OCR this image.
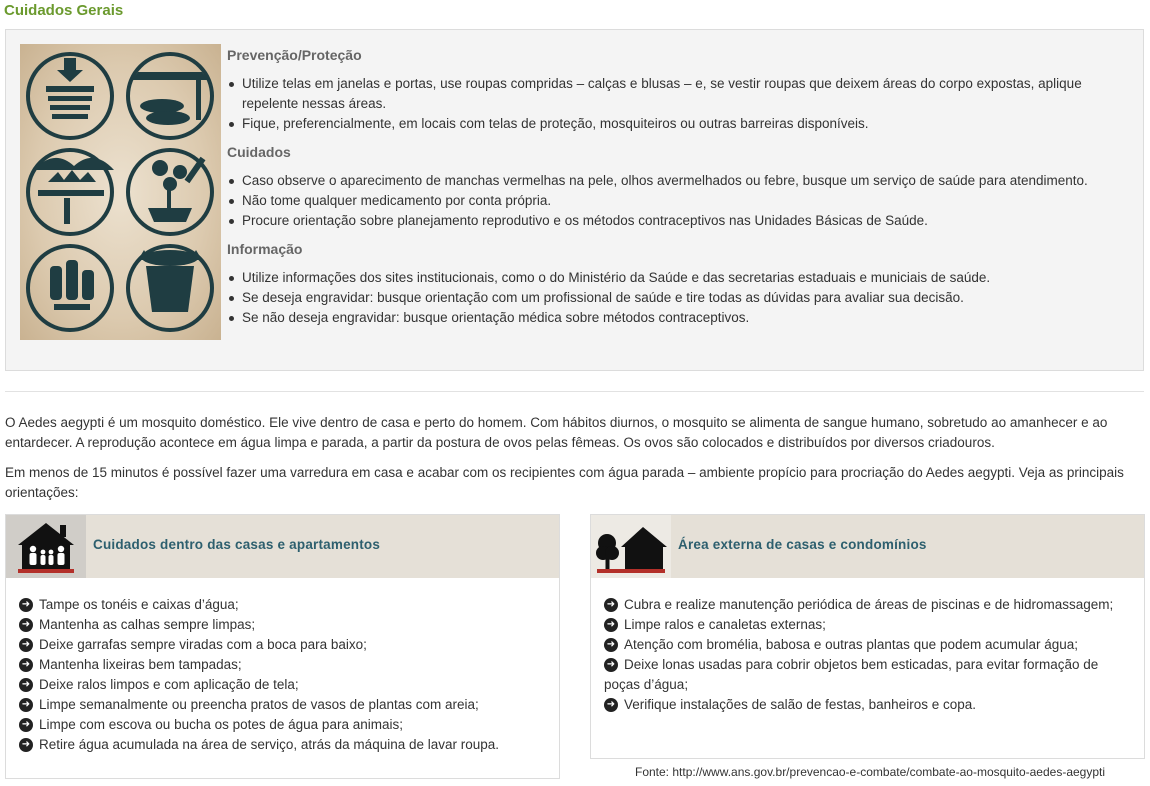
Cuidados Gerais
Prevenção/Proteção
Utilize telas em janelas e portas, use roupas compridas – calças e blusas – e, se vestir roupas que deixem áreas do corpo expostas, aplique repelente nessas áreas.
Fique, preferencialmente, em locais com telas de proteção, mosquiteiros ou outras barreiras disponíveis.
Cuidados
Caso observe o aparecimento de manchas vermelhas na pele, olhos avermelhados ou febre, busque um serviço de saúde para atendimento.
Não tome qualquer medicamento por conta própria.
Procure orientação sobre planejamento reprodutivo e os métodos contraceptivos nas Unidades Básicas de Saúde.
Informação
Utilize informações dos sites institucionais, como o do Ministério da Saúde e das secretarias estaduais e municiais de saúde.
Se deseja engravidar: busque orientação com um profissional de saúde e tire todas as dúvidas para avaliar sua decisão.
Se não deseja engravidar: busque orientação médica sobre métodos contraceptivos.

O Aedes aegypti é um mosquito doméstico. Ele vive dentro de casa e perto do homem. Com hábitos diurnos, o mosquito se alimenta de sangue humano, sobretudo ao amanhecer e ao entardecer. A reprodução acontece em água limpa e parada, a partir da postura de ovos pelas fêmeas. Os ovos são colocados e distribuídos por diversos criadouros.

Em menos de 15 minutos é possível fazer uma varredura em casa e acabar com os recipientes com água parada – ambiente propício para procriação do Aedes aegypti. Veja as principais orientações:

Cuidados dentro das casas e apartamentos
➜ Tampe os tonéis e caixas d’água;
➜ Mantenha as calhas sempre limpas;
➜ Deixe garrafas sempre viradas com a boca para baixo;
➜ Mantenha lixeiras bem tampadas;
➜ Deixe ralos limpos e com aplicação de tela;
➜ Limpe semanalmente ou preencha pratos de vasos de plantas com areia;
➜ Limpe com escova ou bucha os potes de água para animais;
➜ Retire água acumulada na área de serviço, atrás da máquina de lavar roupa.
Área externa de casas e condomínios
➜ Cubra e realize manutenção periódica de áreas de piscinas e de hidromassagem;
➜ Limpe ralos e canaletas externas;
➜ Atenção com bromélia, babosa e outras plantas que podem acumular água;
➜ Deixe lonas usadas para cobrir objetos bem esticadas, para evitar formação de poças d’água;
➜ Verifique instalações de salão de festas, banheiros e copa.

Fonte: http://www.ans.gov.br/prevencao-e-combate/combate-ao-mosquito-aedes-aegypti
